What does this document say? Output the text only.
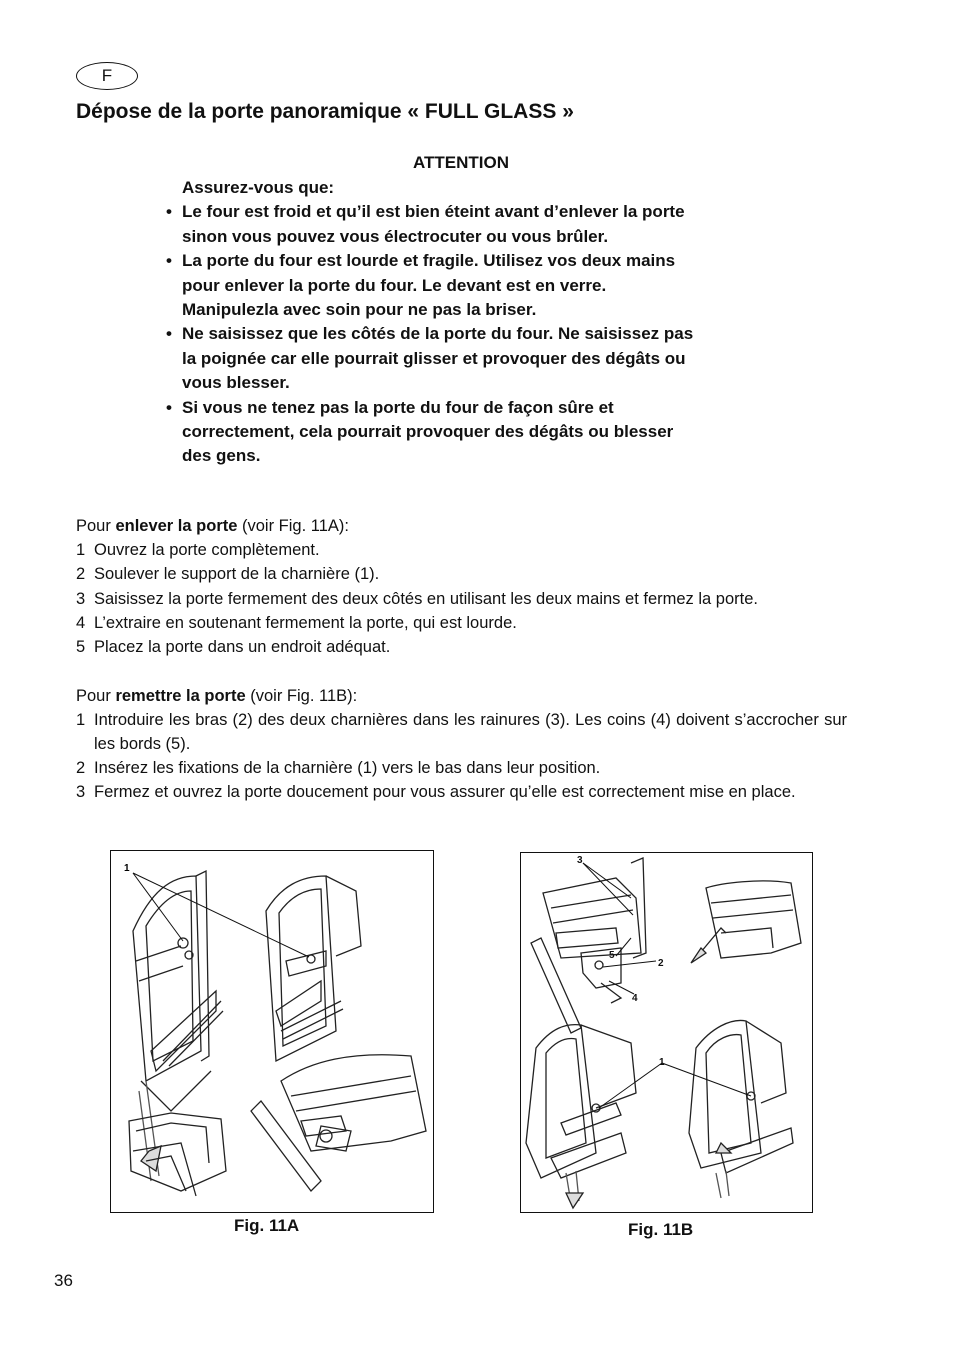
F
Dépose de la porte panoramique « FULL GLASS »
ATTENTION
Assurez-vous que:
• Le four est froid et qu’il est bien éteint avant d’enlever la porte
sinon vous pouvez vous électrocuter ou vous brûler.
• La porte du four est lourde et fragile. Utilisez vos deux mains
pour enlever la porte du four. Le devant est en verre.
Manipulezla avec soin pour ne pas la briser.
• Ne saisissez que les côtés de la porte du four. Ne saisissez pas
la poignée car elle pourrait glisser et provoquer des dégâts ou
vous blesser.
• Si vous ne tenez pas la porte du four de façon sûre et
correctement, cela pourrait provoquer des dégâts ou blesser
des gens.
Pour enlever la porte (voir Fig. 11A):
1 Ouvrez la porte complètement.
2 Soulever le support de la charnière (1).
3 Saisissez la porte fermement des deux côtés en utilisant les deux mains et fermez la porte.
4 L’extraire en soutenant fermement la porte, qui est lourde.
5 Placez la porte dans un endroit adéquat.
Pour remettre la porte (voir Fig. 11B):
1 Introduire les bras (2) des deux charnières dans les rainures (3). Les coins (4) doivent s’accrocher sur les bords (5).
2 Insérez les fixations de la charnière (1) vers le bas dans leur position.
3 Fermez et ouvrez la porte doucement pour vous assurer qu’elle est correctement mise en place.
1
Fig. 11A
3
5
2
4
1
Fig. 11B
36
